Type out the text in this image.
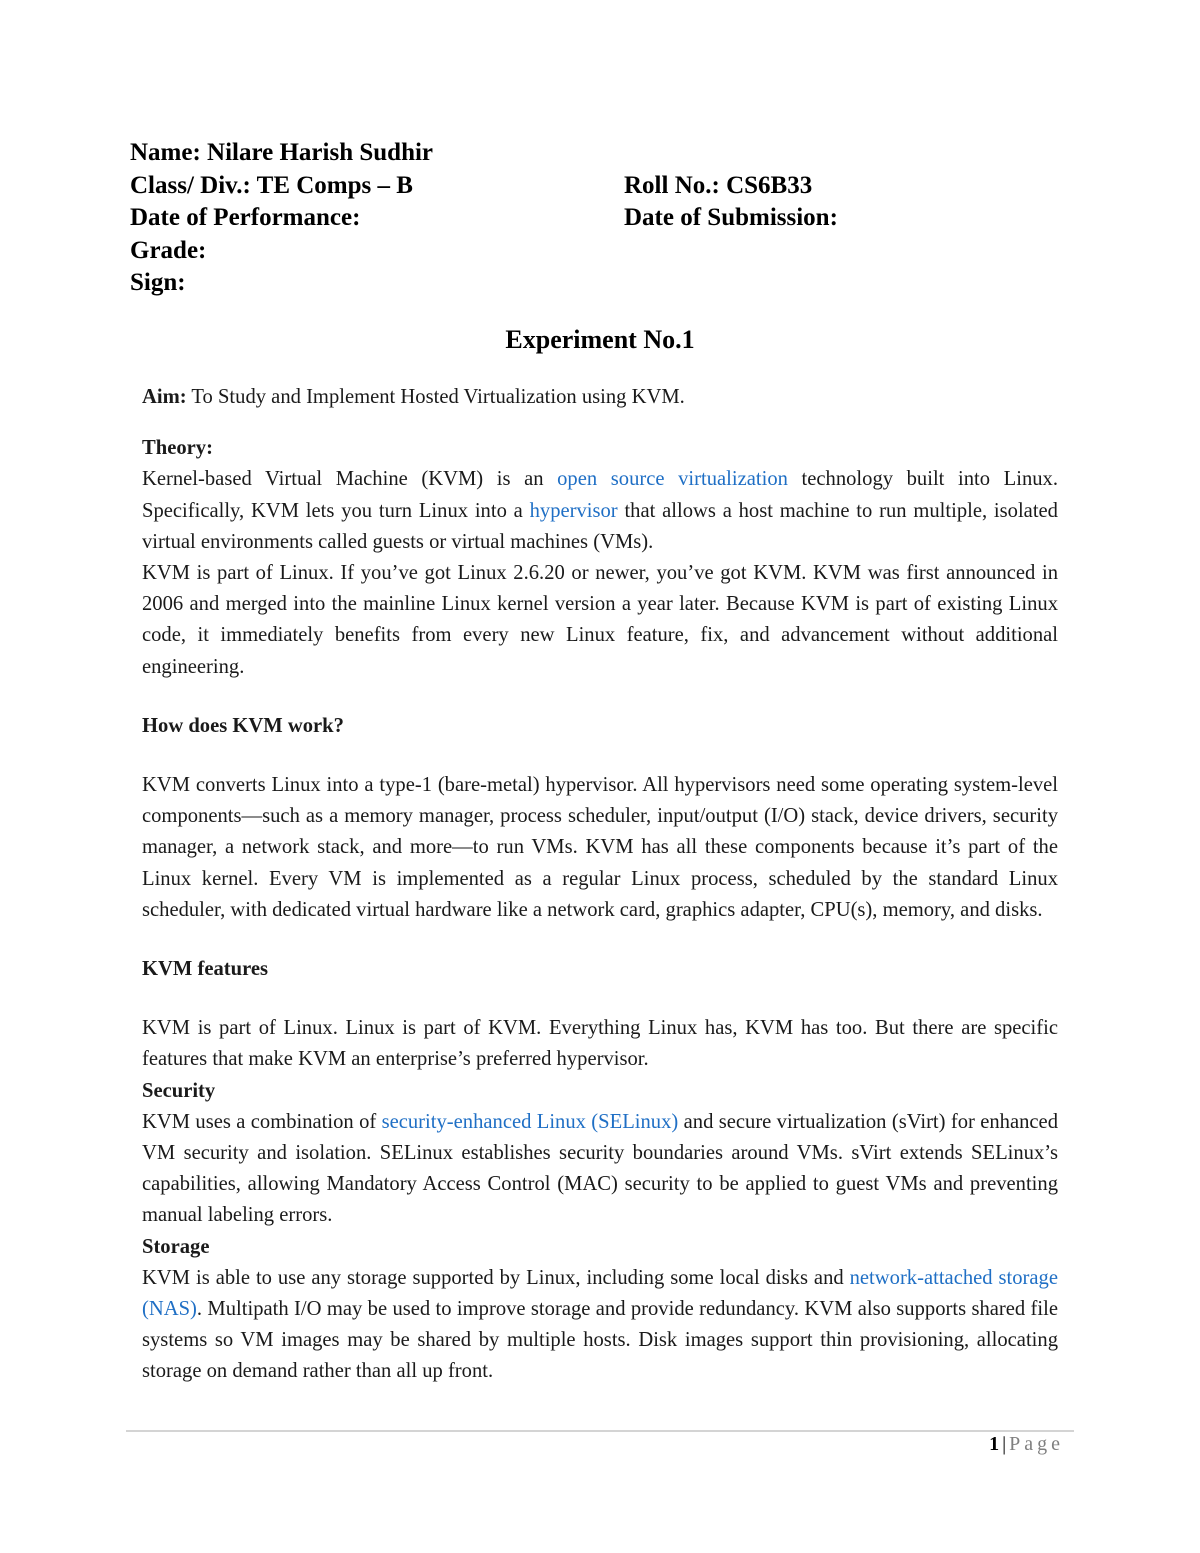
Name: Nilare Harish Sudhir
Class/ Div.: TE Comps – B	Roll No.: CS6B33
Date of Performance:	Date of Submission:
Grade:
Sign:
Experiment No.1

Aim: To Study and Implement Hosted Virtualization using KVM.

Theory:

Kernel-based Virtual Machine (KVM) is an open source virtualization technology built into Linux. Specifically, KVM lets you turn Linux into a hypervisor that allows a host machine to run multiple, isolated virtual environments called guests or virtual machines (VMs).

KVM is part of Linux. If you’ve got Linux 2.6.20 or newer, you’ve got KVM. KVM was first announced in 2006 and merged into the mainline Linux kernel version a year later. Because KVM is part of existing Linux code, it immediately benefits from every new Linux feature, fix, and advancement without additional engineering.

How does KVM work?

KVM converts Linux into a type-1 (bare-metal) hypervisor. All hypervisors need some operating system-level components—such as a memory manager, process scheduler, input/output (I/O) stack, device drivers, security manager, a network stack, and more—to run VMs. KVM has all these components because it’s part of the Linux kernel. Every VM is implemented as a regular Linux process, scheduled by the standard Linux scheduler, with dedicated virtual hardware like a network card, graphics adapter, CPU(s), memory, and disks.

KVM features

KVM is part of Linux. Linux is part of KVM. Everything Linux has, KVM has too. But there are specific features that make KVM an enterprise’s preferred hypervisor.

Security

KVM uses a combination of security-enhanced Linux (SELinux) and secure virtualization (sVirt) for enhanced VM security and isolation. SELinux establishes security boundaries around VMs. sVirt extends SELinux’s capabilities, allowing Mandatory Access Control (MAC) security to be applied to guest VMs and preventing manual labeling errors.

Storage

KVM is able to use any storage supported by Linux, including some local disks and network-attached storage (NAS). Multipath I/O may be used to improve storage and provide redundancy. KVM also supports shared file systems so VM images may be shared by multiple hosts. Disk images support thin provisioning, allocating storage on demand rather than all up front.

1 | Page
